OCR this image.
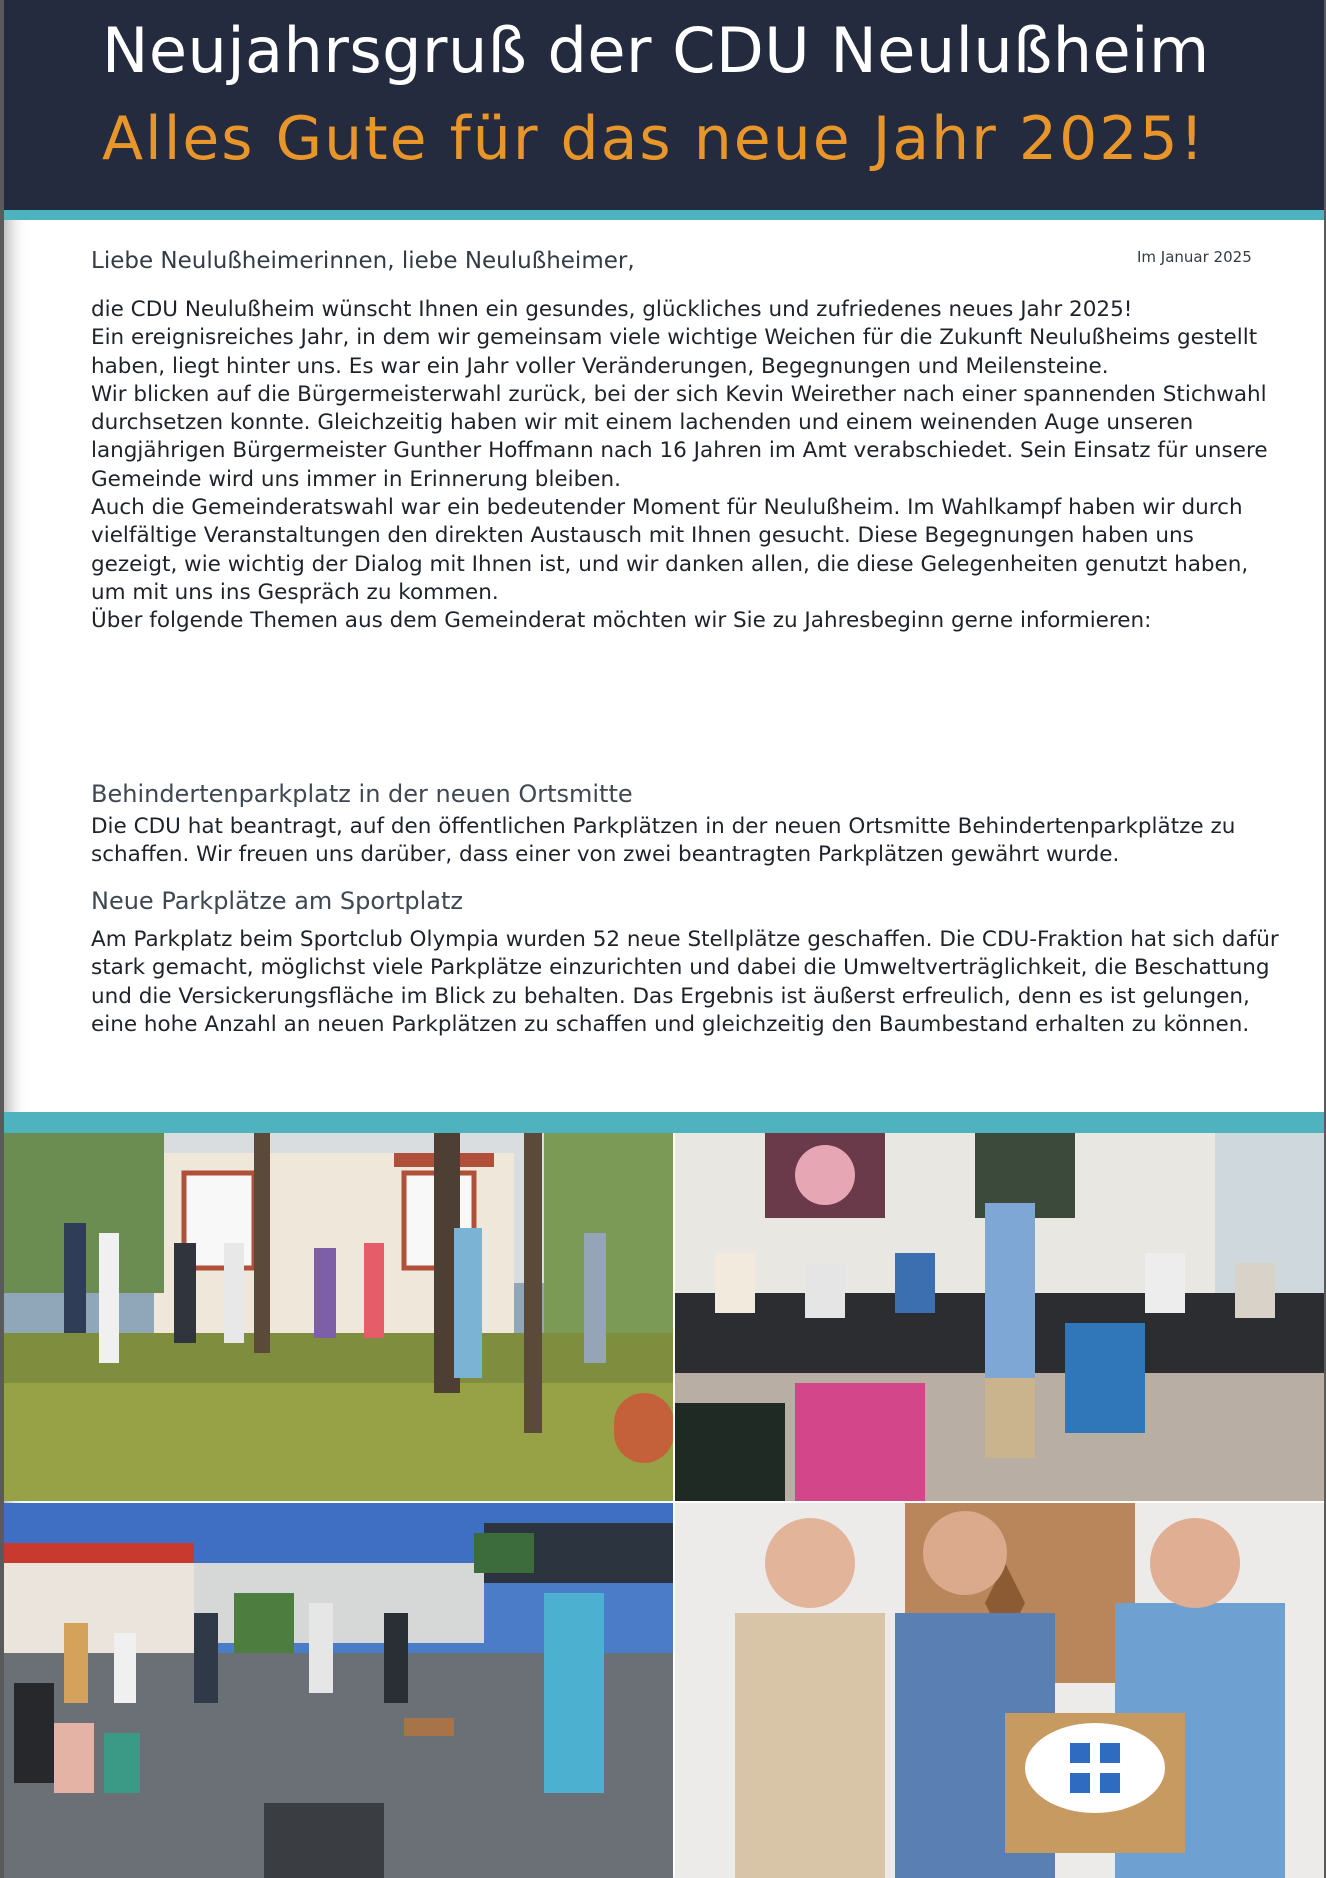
Neujahrsgruß der CDU Neulußheim
Alles Gute für das neue Jahr 2025!
Liebe Neulußheimerinnen, liebe Neulußheimer,	Im Januar 2025

die CDU Neulußheim wünscht Ihnen ein gesundes, glückliches und zufriedenes neues Jahr 2025!

Ein ereignisreiches Jahr, in dem wir gemeinsam viele wichtige Weichen für die Zukunft Neulußheims gestellt haben, liegt hinter uns. Es war ein Jahr voller Veränderungen, Begegnungen und Meilensteine.

Wir blicken auf die Bürgermeisterwahl zurück, bei der sich Kevin Weirether nach einer spannenden Stichwahl durchsetzen konnte. Gleichzeitig haben wir mit einem lachenden und einem weinenden Auge unseren langjährigen Bürgermeister Gunther Hoffmann nach 16 Jahren im Amt verabschiedet. Sein Einsatz für unsere Gemeinde wird uns immer in Erinnerung bleiben.

Auch die Gemeinderatswahl war ein bedeutender Moment für Neulußheim. Im Wahlkampf haben wir durch vielfältige Veranstaltungen den direkten Austausch mit Ihnen gesucht. Diese Begegnungen haben uns gezeigt, wie wichtig der Dialog mit Ihnen ist, und wir danken allen, die diese Gelegenheiten genutzt haben, um mit uns ins Gespräch zu kommen.

Über folgende Themen aus dem Gemeinderat möchten wir Sie zu Jahresbeginn gerne informieren:

Behindertenparkplatz in der neuen Ortsmitte

Die CDU hat beantragt, auf den öffentlichen Parkplätzen in der neuen Ortsmitte Behindertenparkplätze zu schaffen. Wir freuen uns darüber, dass einer von zwei beantragten Parkplätzen gewährt wurde.

Neue Parkplätze am Sportplatz

Am Parkplatz beim Sportclub Olympia wurden 52 neue Stellplätze geschaffen. Die CDU-Fraktion hat sich dafür stark gemacht, möglichst viele Parkplätze einzurichten und dabei die Umweltverträglichkeit, die Beschattung und die Versickerungsfläche im Blick zu behalten. Das Ergebnis ist äußerst erfreulich, denn es ist gelungen, eine hohe Anzahl an neuen Parkplätzen zu schaffen und gleichzeitig den Baumbestand erhalten zu können.
